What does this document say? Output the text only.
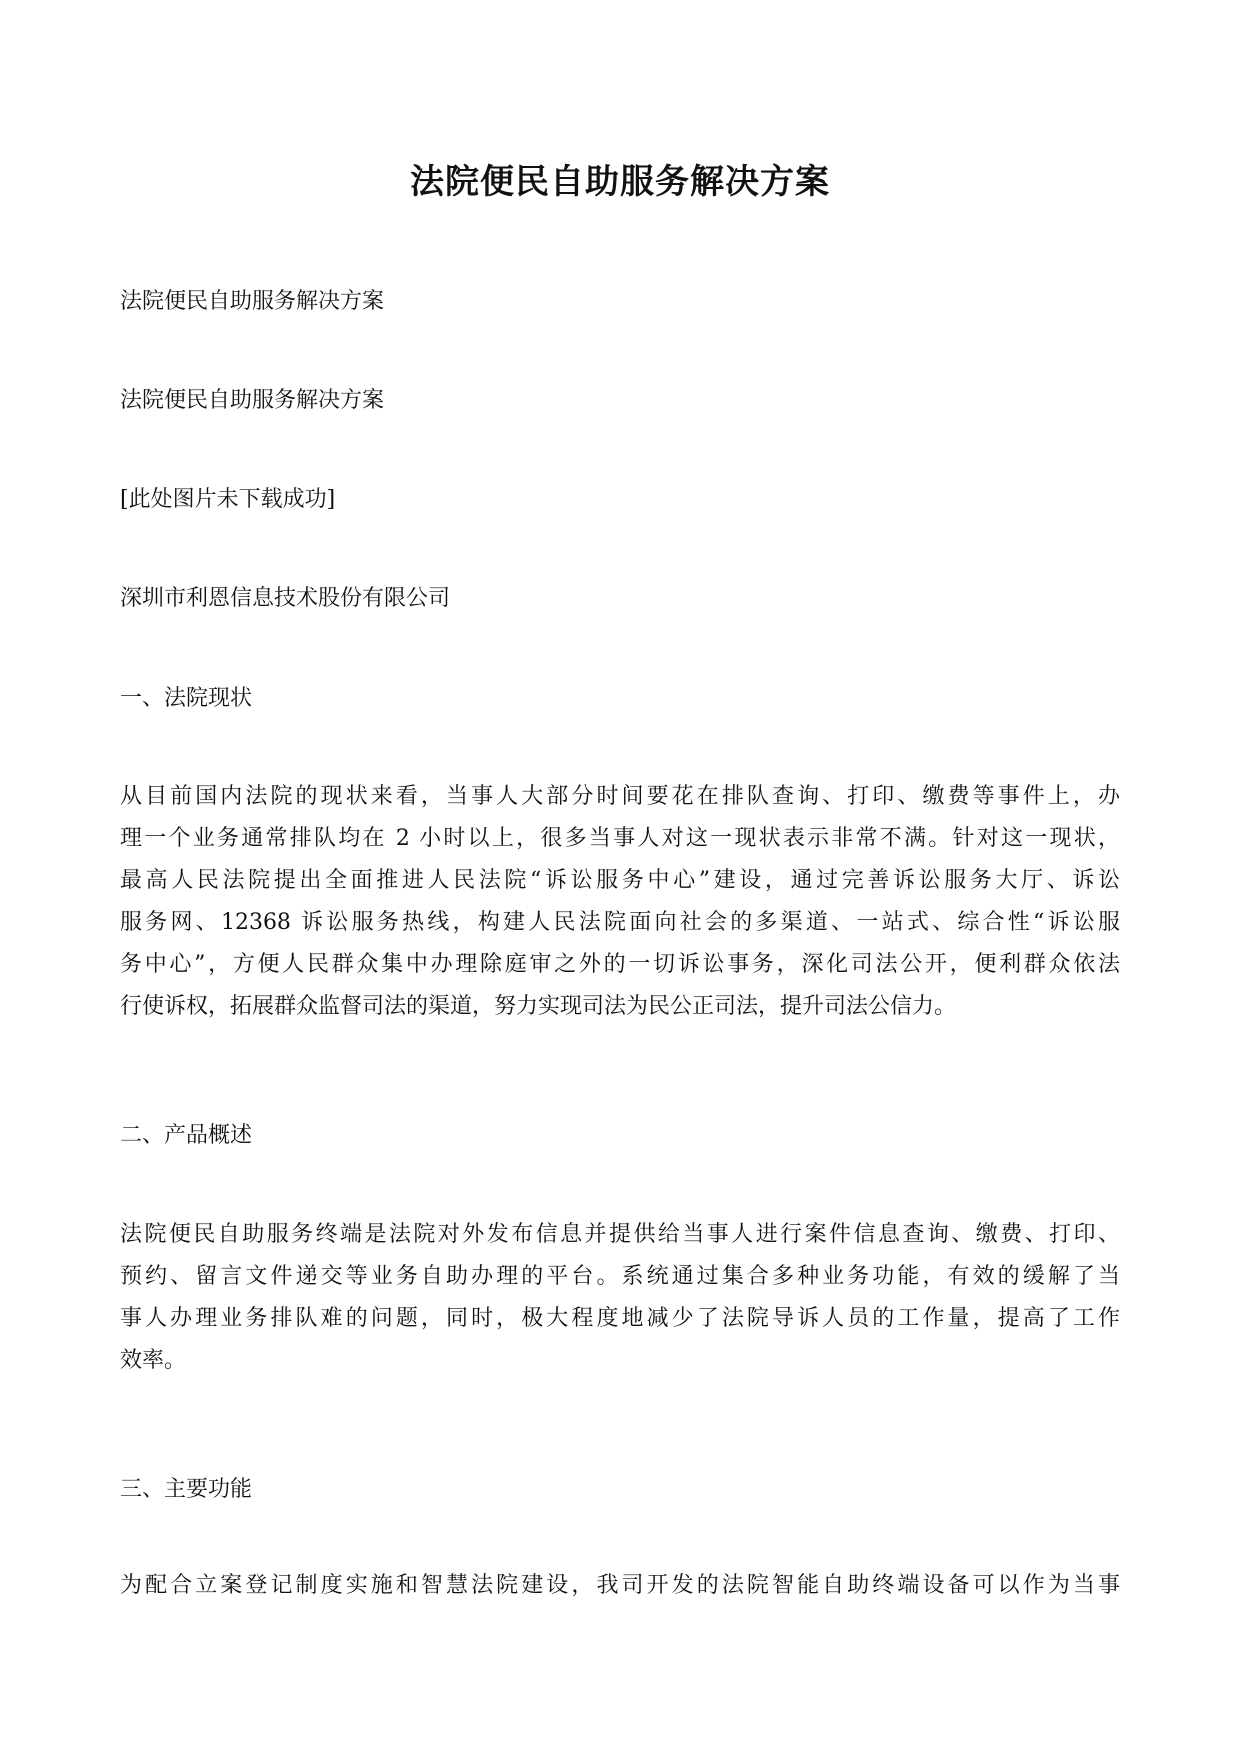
法院便民自助服务解决方案

法院便民自助服务解决方案

法院便民自助服务解决方案

[此处图片未下载成功]

深圳市利恩信息技术股份有限公司

一、法院现状

从目前国内法院的现状来看，当事人大部分时间要花在排队查询、打印、缴费等事件上，办
理一个业务通常排队均在 2 小时以上，很多当事人对这一现状表示非常不满。针对这一现状，
最高人民法院提出全面推进人民法院“诉讼服务中心”建设，通过完善诉讼服务大厅、诉讼
服务网、12368 诉讼服务热线，构建人民法院面向社会的多渠道、一站式、综合性“诉讼服
务中心”，方便人民群众集中办理除庭审之外的一切诉讼事务，深化司法公开，便利群众依法
行使诉权，拓展群众监督司法的渠道，努力实现司法为民公正司法，提升司法公信力。

二、产品概述

法院便民自助服务终端是法院对外发布信息并提供给当事人进行案件信息查询、缴费、打印、
预约、留言文件递交等业务自助办理的平台。系统通过集合多种业务功能，有效的缓解了当
事人办理业务排队难的问题，同时，极大程度地减少了法院导诉人员的工作量，提高了工作
效率。

三、主要功能

为配合立案登记制度实施和智慧法院建设，我司开发的法院智能自助终端设备可以作为当事
